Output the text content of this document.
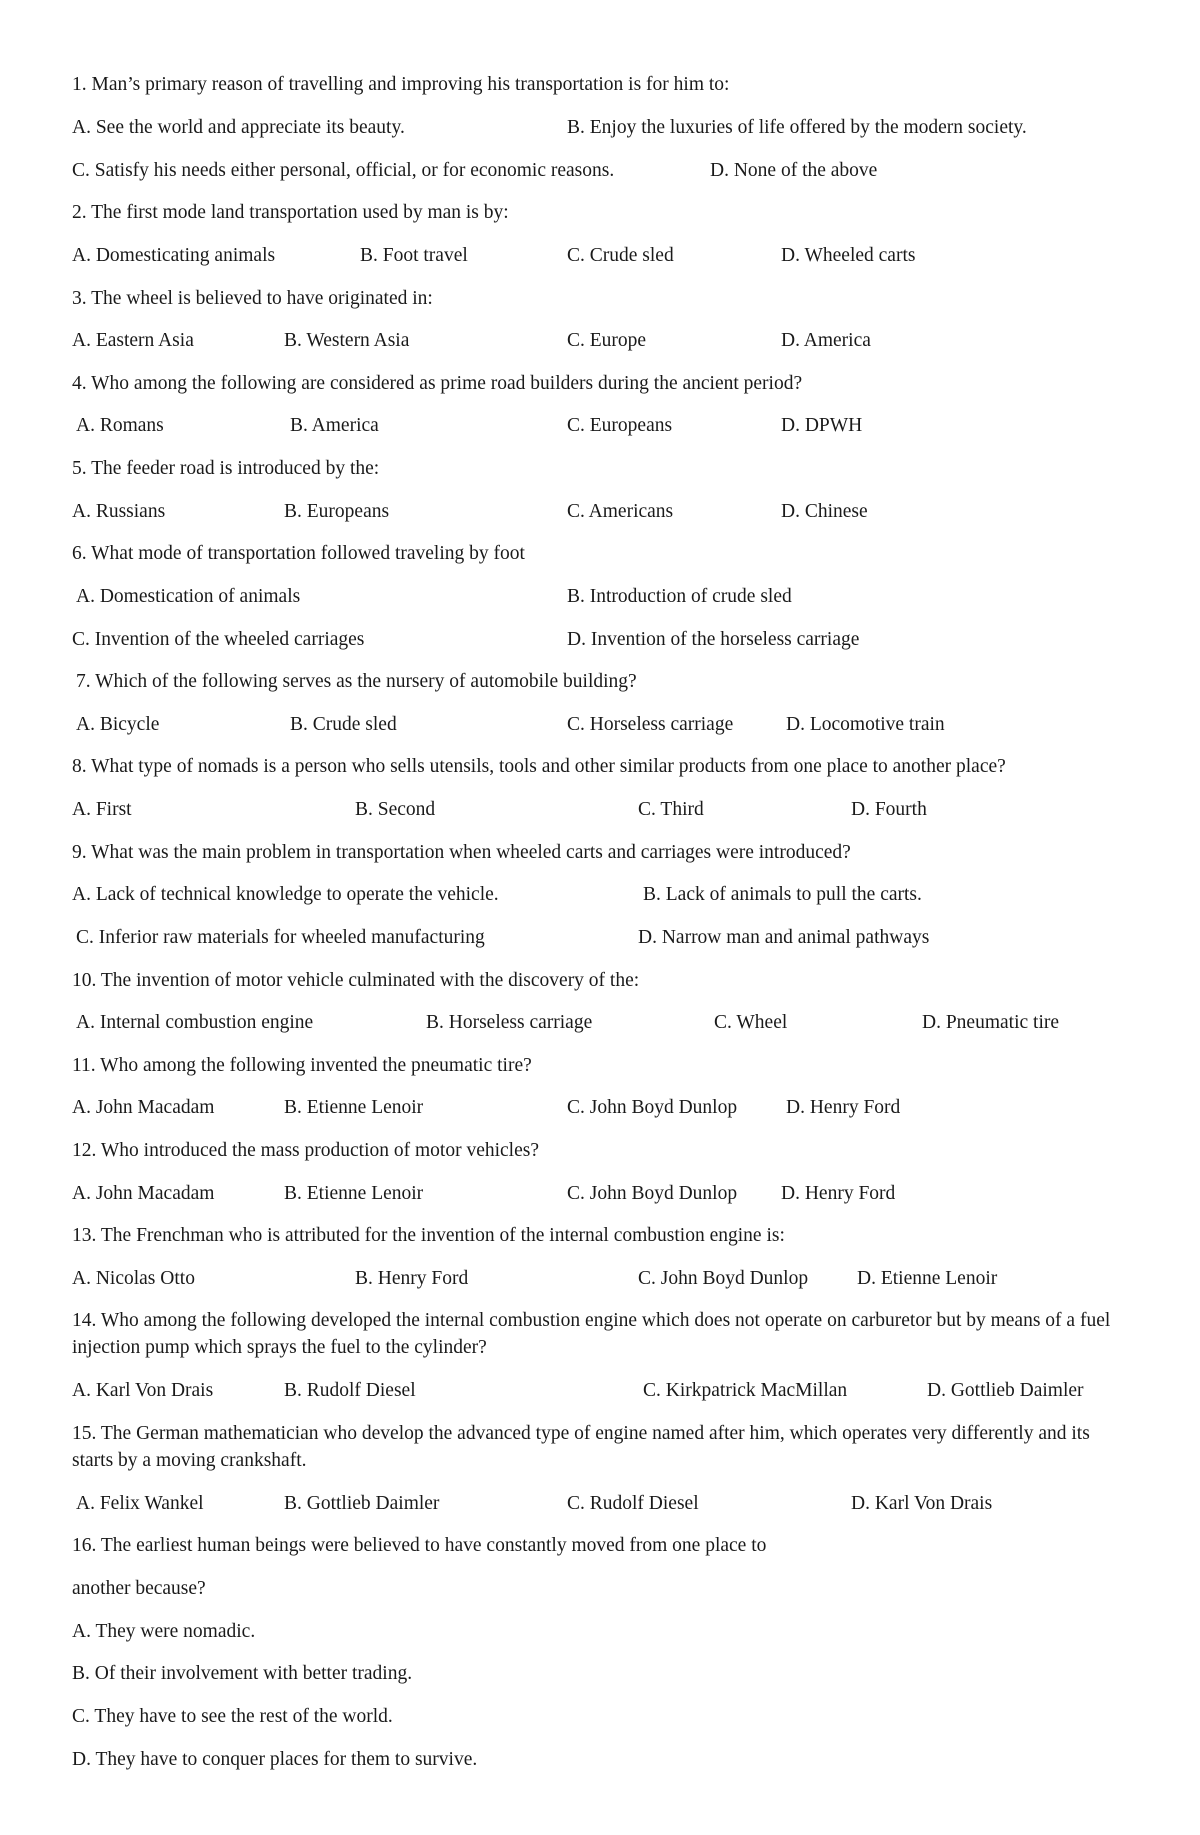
1. Man’s primary reason of travelling and improving his transportation is for him to:
A. See the world and appreciate its beauty.	B. Enjoy the luxuries of life offered by the modern society.
C. Satisfy his needs either personal, official, or for economic reasons.	D. None of the above
2. The first mode land transportation used by man is by:
A. Domesticating animals	B. Foot travel	C. Crude sled	D. Wheeled carts
3. The wheel is believed to have originated in:
A. Eastern Asia	B. Western Asia	C. Europe	D. America
4. Who among the following are considered as prime road builders during the ancient period?
A. Romans	B. America	C. Europeans	D. DPWH
5. The feeder road is introduced by the:
A. Russians	B. Europeans	C. Americans	D. Chinese
6. What mode of transportation followed traveling by foot
A. Domestication of animals	B. Introduction of crude sled
C. Invention of the wheeled carriages	D. Invention of the horseless carriage
7. Which of the following serves as the nursery of automobile building?
A. Bicycle	B. Crude sled	C. Horseless carriage	D. Locomotive train
8. What type of nomads is a person who sells utensils, tools and other similar products from one place to another place?
A. First	B. Second	C. Third	D. Fourth
9. What was the main problem in transportation when wheeled carts and carriages were introduced?
A. Lack of technical knowledge to operate the vehicle.	B. Lack of animals to pull the carts.
C. Inferior raw materials for wheeled manufacturing	D. Narrow man and animal pathways
10. The invention of motor vehicle culminated with the discovery of the:
A. Internal combustion engine	B. Horseless carriage	C. Wheel	D. Pneumatic tire
11. Who among the following invented the pneumatic tire?
A. John Macadam	B. Etienne Lenoir	C. John Boyd Dunlop	D. Henry Ford
12. Who introduced the mass production of motor vehicles?
A. John Macadam	B. Etienne Lenoir	C. John Boyd Dunlop D. Henry Ford
13. The Frenchman who is attributed for the invention of the internal combustion engine is:
A. Nicolas Otto	B. Henry Ford	C. John Boyd Dunlop	D. Etienne Lenoir
14. Who among the following developed the internal combustion engine which does not operate on carburetor but by means of a fuel injection pump which sprays the fuel to the cylinder?
A. Karl Von Drais	B. Rudolf Diesel	C. Kirkpatrick MacMillan	D. Gottlieb Daimler
15. The German mathematician who develop the advanced type of engine named after him, which operates very differently and its starts by a moving crankshaft.
A. Felix Wankel	B. Gottlieb Daimler	C. Rudolf Diesel	D. Karl Von Drais
16. The earliest human beings were believed to have constantly moved from one place to
another because?
A. They were nomadic.
B. Of their involvement with better trading.
C. They have to see the rest of the world.
D. They have to conquer places for them to survive.
